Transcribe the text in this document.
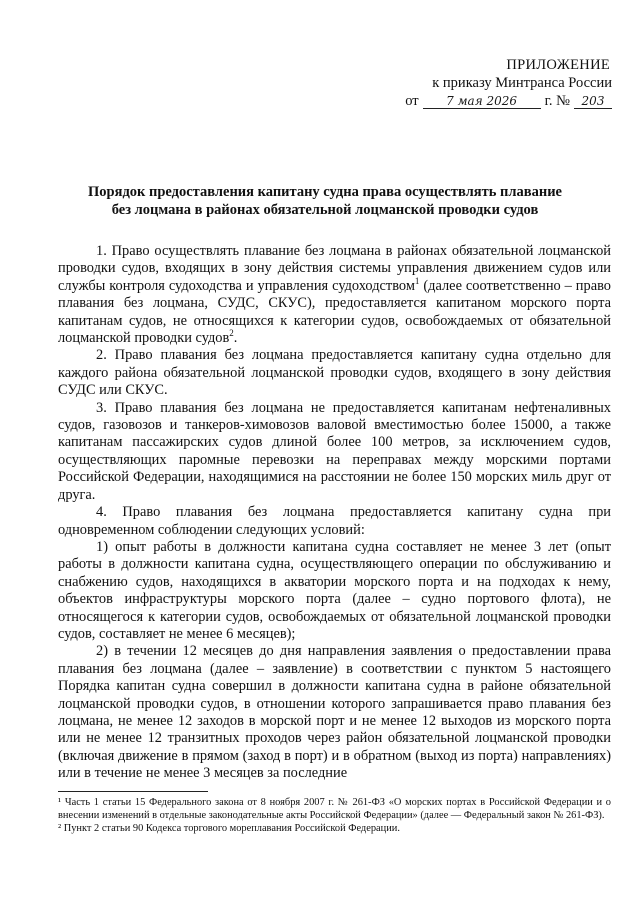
ПРИЛОЖЕНИЕ
к приказу Минтранса России
от	7 мая 2026	г. № 203
Порядок предоставления капитану судна права осуществлять плавание
без лоцмана в районах обязательной лоцманской проводки судов

1. Право осуществлять плавание без лоцмана в районах обязательной лоцманской проводки судов, входящих в зону действия системы управления движением судов или службы контроля судоходства и управления судоходством$^1$ (далее соответственно – право плавания без лоцмана, СУДС, СКУС), предоставляется капитаном морского порта капитанам судов, не относящихся к категории судов, освобождаемых от обязательной лоцманской проводки судов$^2$.

2. Право плавания без лоцмана предоставляется капитану судна отдельно для каждого района обязательной лоцманской проводки судов, входящего в зону действия СУДС или СКУС.

3. Право плавания без лоцмана не предоставляется капитанам нефтеналивных судов, газовозов и танкеров-химовозов валовой вместимостью более 15000, а также капитанам пассажирских судов длиной более 100 метров, за исключением судов, осуществляющих паромные перевозки на переправах между морскими портами Российской Федерации, находящимися на расстоянии не более 150 морских миль друг от друга.

4. Право плавания без лоцмана предоставляется капитану судна при одновременном соблюдении следующих условий:

1) опыт работы в должности капитана судна составляет не менее 3 лет (опыт работы в должности капитана судна, осуществляющего операции по обслуживанию и снабжению судов, находящихся в акватории морского порта и на подходах к нему, объектов инфраструктуры морского порта (далее – судно портового флота), не относящегося к категории судов, освобождаемых от обязательной лоцманской проводки судов, составляет не менее 6 месяцев);

2) в течении 12 месяцев до дня направления заявления о предоставлении права плавания без лоцмана (далее – заявление) в соответствии с пунктом 5 настоящего Порядка капитан судна совершил в должности капитана судна в районе обязательной лоцманской проводки судов, в отношении которого запрашивается право плавания без лоцмана, не менее 12 заходов в морской порт и не менее 12 выходов из морского порта или не менее 12 транзитных проходов через район обязательной лоцманской проводки (включая движение в прямом (заход в порт) и в обратном (выход из порта) направлениях) или в течение не менее 3 месяцев за последние

¹ Часть 1 статьи 15 Федерального закона от 8 ноября 2007 г. № 261-ФЗ «О морских портах в Российской Федерации и о внесении изменений в отдельные законодательные акты Российской Федерации» (далее — Федеральный закон № 261-ФЗ).

² Пункт 2 статьи 90 Кодекса торгового мореплавания Российской Федерации.
